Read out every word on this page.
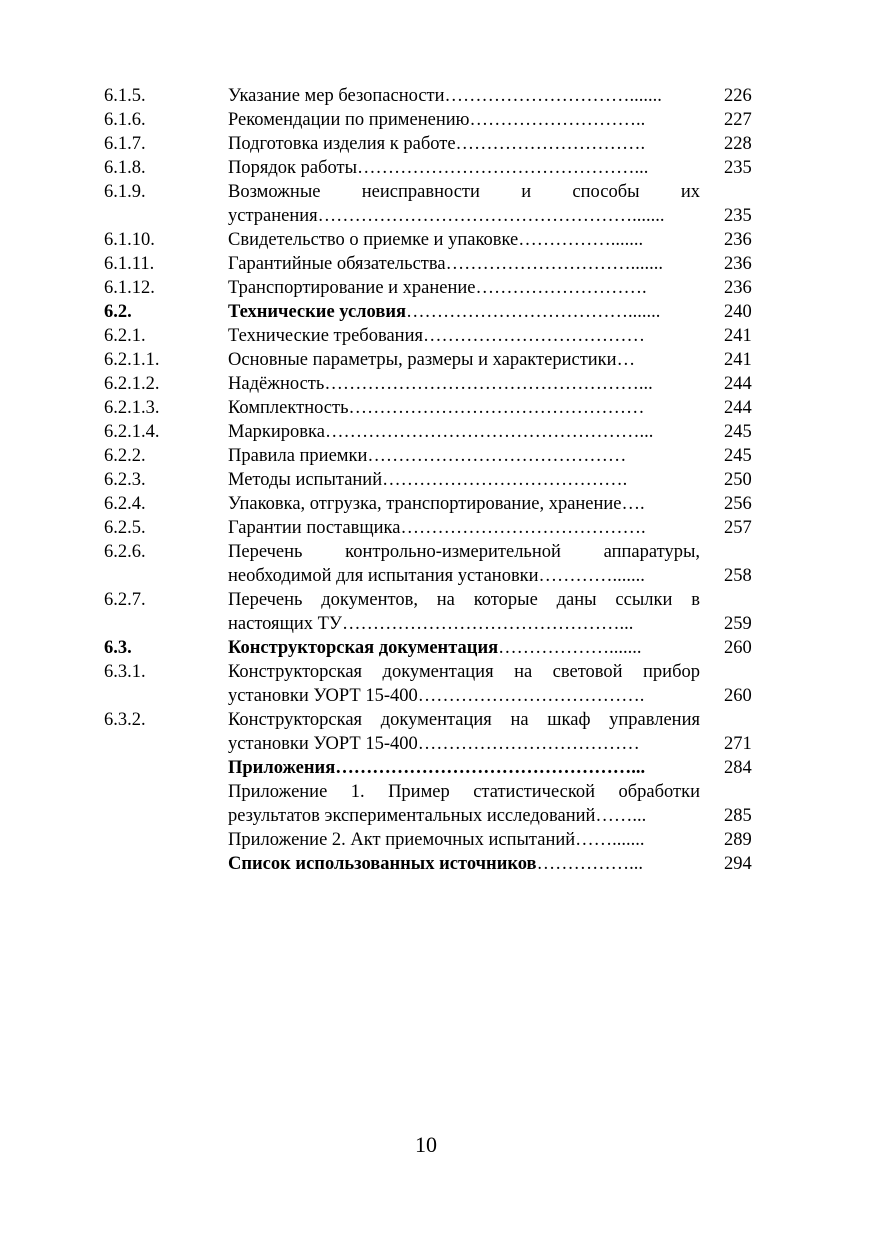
6.1.5.	Указание мер безопасности………………………….......	226
6.1.6.	Рекомендации по применению………………………..	227
6.1.7.	Подготовка изделия к работе………………………….	228
6.1.8.	Порядок работы………………………………………...	235
6.1.9.	Возможные неисправности и способы их
устранения…………………………………………….......	235
6.1.10.	Свидетельство о приемке и упаковке…………….......	236
6.1.11.	Гарантийные обязательства………………………….......	236
6.1.12.	Транспортирование и хранение……………………….	236
6.2.	Технические условия……………………………….......	240
6.2.1.	Технические требования………………………………	241
6.2.1.1.	Основные параметры, размеры и характеристики…	241
6.2.1.2.	Надёжность……………………………………………...	244
6.2.1.3.	Комплектность…………………………………………	244
6.2.1.4.	Маркировка……………………………………………...	245
6.2.2.	Правила приемки……………………………………	245
6.2.3.	Методы испытаний………………………………….	250
6.2.4.	Упаковка, отгрузка, транспортирование, хранение….	256
6.2.5.	Гарантии поставщика………………………………….	257
6.2.6.	Перечень контрольно-измерительной аппаратуры,
необходимой для испытания установки………….......	258
6.2.7.	Перечень документов, на которые даны ссылки в
настоящих ТУ………………………………………...	259
6.3.	Конструкторская документация……………….......	260
6.3.1.	Конструкторская документация на световой прибор
установки УОРТ 15-400……………………………….	260
6.3.2.	Конструкторская документация на шкаф управления
установки УОРТ 15-400………………………………	271
Приложения…………………………………………...	284
Приложение 1. Пример статистической обработки
результатов экспериментальных исследований……...	285
Приложение 2. Акт приемочных испытаний…….......	289
Список использованных источников……………...	294
10
